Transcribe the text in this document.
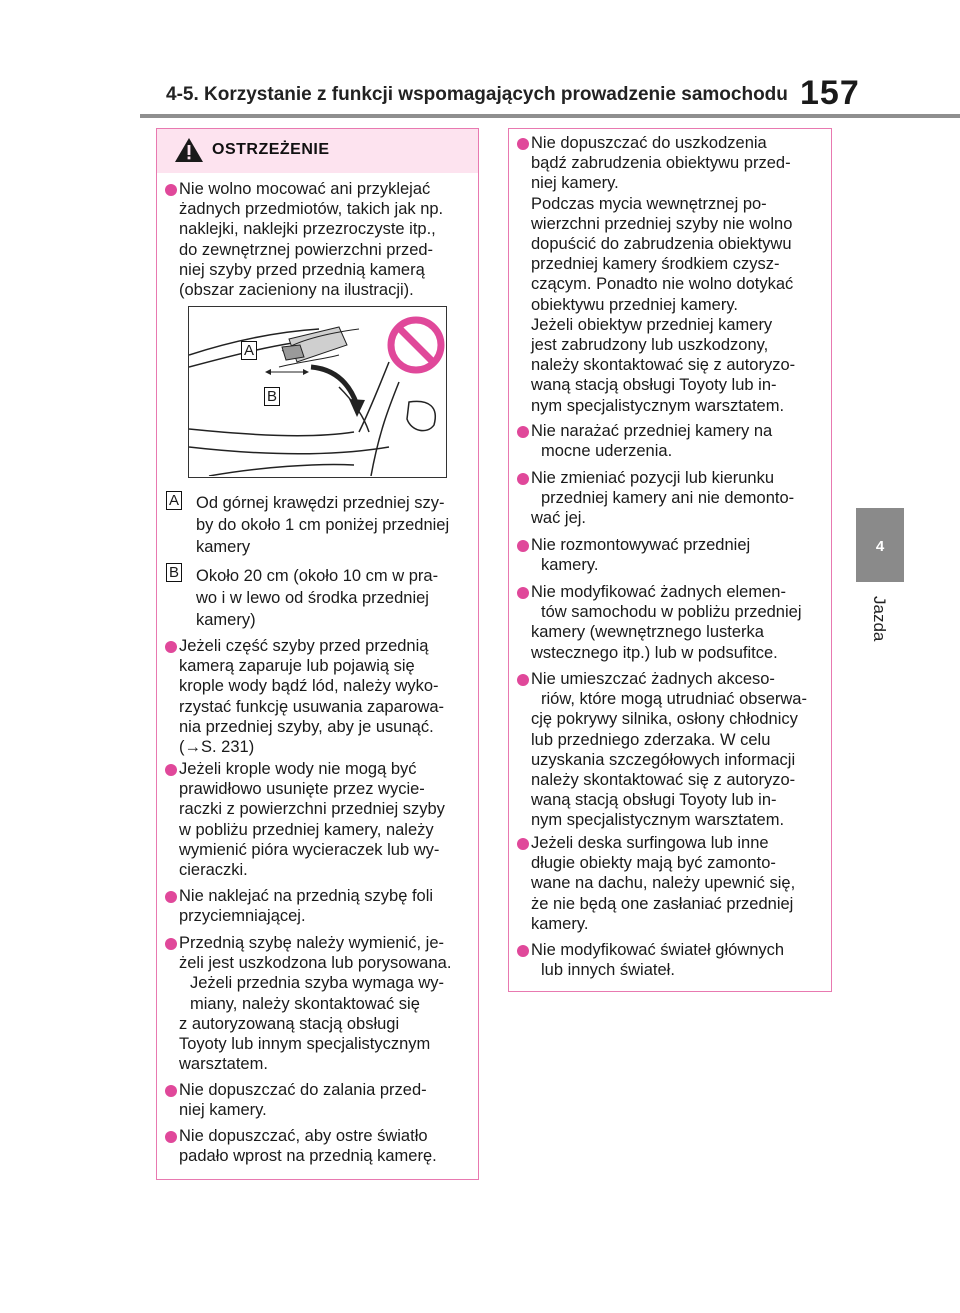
4-5. Korzystanie z funkcji wspomagających prowadzenie samochodu 157
4
Jazda
OSTRZEŻENIE
Nie wolno mocować ani przyklejać
żadnych przedmiotów, takich jak np.
naklejki, naklejki przezroczyste itp.,
do zewnętrznej powierzchni przed-
niej szyby przed przednią kamerą
(obszar zacieniony na ilustracji).
A
B
A Od górnej krawędzi przedniej szy-
by do około 1 cm poniżej przedniej
kamery
B Około 20 cm (około 10 cm w pra-
wo i w lewo od środka przedniej
kamery)
Jeżeli część szyby przed przednią
kamerą zaparuje lub pojawią się
krople wody bądź lód, należy wyko-
rzystać funkcję usuwania zaparowa-
nia przedniej szyby, aby je usunąć.
(→S. 231)
Jeżeli krople wody nie mogą być
prawidłowo usunięte przez wycie-
raczki z powierzchni przedniej szyby
w pobliżu przedniej kamery, należy
wymienić pióra wycieraczek lub wy-
cieraczki.
Nie naklejać na przednią szybę foli
przyciemniającej.
Przednią szybę należy wymienić, je-
żeli jest uszkodzona lub porysowana.
Jeżeli przednia szyba wymaga wy-
miany, należy skontaktować się
z autoryzowaną stacją obsługi
Toyoty lub innym specjalistycznym
warsztatem.
Nie dopuszczać do zalania przed-
niej kamery.
Nie dopuszczać, aby ostre światło
padało wprost na przednią kamerę.
Nie dopuszczać do uszkodzenia
bądź zabrudzenia obiektywu przed-
niej kamery.
Podczas mycia wewnętrznej po-
wierzchni przedniej szyby nie wolno
dopuścić do zabrudzenia obiektywu
przedniej kamery środkiem czysz-
czącym. Ponadto nie wolno dotykać
obiektywu przedniej kamery.
Jeżeli obiektyw przedniej kamery
jest zabrudzony lub uszkodzony,
należy skontaktować się z autoryzo-
waną stacją obsługi Toyoty lub in-
nym specjalistycznym warsztatem.
Nie narażać przedniej kamery na
mocne uderzenia.
Nie zmieniać pozycji lub kierunku
przedniej kamery ani nie demonto-
wać jej.
Nie rozmontowywać przedniej
kamery.
Nie modyfikować żadnych elemen-
tów samochodu w pobliżu przedniej
kamery (wewnętrznego lusterka
wstecznego itp.) lub w podsufitce.
Nie umieszczać żadnych akceso-
riów, które mogą utrudniać obserwa-
cję pokrywy silnika, osłony chłodnicy
lub przedniego zderzaka. W celu
uzyskania szczegółowych informacji
należy skontaktować się z autoryzo-
waną stacją obsługi Toyoty lub in-
nym specjalistycznym warsztatem.
Jeżeli deska surfingowa lub inne
długie obiekty mają być zamonto-
wane na dachu, należy upewnić się,
że nie będą one zasłaniać przedniej
kamery.
Nie modyfikować świateł głównych
lub innych świateł.
